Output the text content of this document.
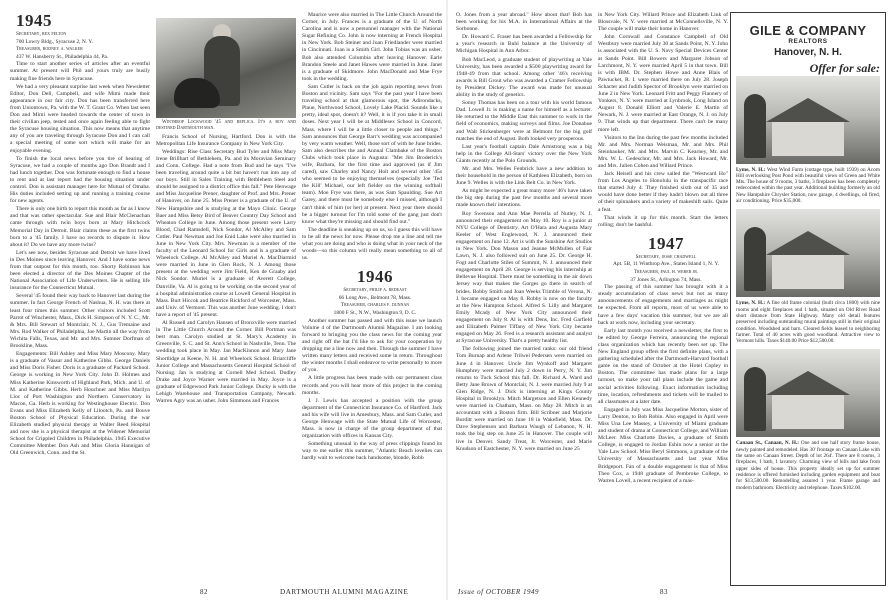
1945

Secretary, rex felton

700 Lowry Bldg., Syracuse 2, N. Y.

Treasurer, rodney a. walker

437 W. Hansberry St., Philadelphia 44, Pa.

Time to start another series of articles after an eventful summer. At present will Phil and yours truly are busily making fine friends here in Syracuse.

We had a very pleasant surprise last week when Newsletter Editor, Don Dell, Campbell, and wife Mimi made their appearance in our fair city. Don has been transferred here from Uniontown, Pa. with the W. T. Grant Co. When last seen Don and Mimi were headed towards the center of town in their civilian jeep, tested and once again feeling able to fight the Syracuse housing situation. This now means that anytime any of you are traveling through Syracuse Don and I can call a special meeting of some sort which will make for an enjoyable evening.

To finish the local news before you tire of hearing of Syracuse, we had a couple of months ago Don Brandt and I had lunch together. Don was fortunate enough to find a house to rent and at last report had the housing situation under control. Don is assistant manager here for Mutual of Omaha. His duties included setting up and running a training course for new agents.

There is only one birth to report this month as far as I know and that was rather spectacular. Sue and Blair McClenachan came through with twin boys born at Mary Hitchcock Memorial Day in Detroit. Blair claims these as the first twins born to a '45 family. I have no records to dispute it. How about it? Do we have any more twins?

Let's see now, besides Syracuse and Detroit we have lived in Des Moines since leaving Hanover. And I have some news from that outpost for this month, too. Shorty Robinson has been elected a director of the Des Moines Chapter of the National Association of Life Underwriters. He is selling life insurance for the Connecticut Mutual.

Several '45 found their way back to Hanover last during the summer. In fact George French of Nashua, N. H. was there at least four times this summer. Other visitors included Scott Parrot of Winchester, Mass., Dick H. Simpson of N. Y. C., Mr. & Mrs. Bill Stewart of Montclair, N. J., Gus Tremaine and Mrs. Rod Walker of Philadelphia, Joe Martin all the way from Wichita Falls, Texas, and Mr. and Mrs. Sumner Dorfman of Brookline, Mass.

Engagements: Bill Ashley and Miss Mary Moscony. Mary is a graduate of Vassar and Katherine Gibbs. George Daniels and Miss Doris Fisher. Doris is a graduate of Packard School. George is working in New York City. John D. Holmes and Miss Katherine Kinsworth of Highland Park, Mich. and U. of M. and Katherine Gibbs. Herb Houchner and Miss Marilyn Lloc of Port Washington and Northern Conservatory in Macon, Ga. Herb is working for Westinghouse Electric. Don Evans and Miss Elizabeth Kelly of Lilootch, Pa. and Bouve Boston School of Physical Education. During the war Elizabeth studied physical therapy at Walter Reed Hospital and now she is a physical therapist at the Widener Memorial School for Crippled Children in Philadelphia. 1945 Executive Committee Member Don Ash and Miss Gloria Hannigan of Old Greenwich, Conn. and the St.

Winthrop Lockwood '45 and replica. It's a boy and destined Dartmouth man.

Francis School of Nursing, Hartford. Don is with the Metropolitan Life Insurance Company in New York City.

Weddings: Rise Class Secretary Bud Tyler and Miss Mary Irene Brillhart of Bethlehem, Pa. and its Moravian Seminary and Conn. College. Had a note from Bud and he says "I've been traveling around quite a bit but haven't run into any of our boys. Still in Sales Training with Bethlehem Steel and should be assigned to a district office this fall." Pete Henwage and Miss Jacqueline Prener, daughter of Prof. and Mrs. Prener of Hanover, on June 25. Miss Prener is a graduate of the U. of New Hampshire and is studying at the Mayo Clinic. George Baer and Miss Betsy Bird of Beaver Country Day School and Wheaton College in June. Among those present were Larry Blood, Chad Ramsdell, Nick Sondor, Al McAlley and Sam Cutler. Paul Newman and Joe Enid Lake were also married in June in New York City. Mrs. Newman is a member of the faculty of the Leonard School for Girls and is a graduate of Wheelock College. Al McAlley and Muriel A. MacDiarmid were married in June in Glen Rock, N. J. Among those present at the wedding were Jim Field, Ken de Graaby and Nick Sondor. Muriel is a graduate of Averett College, Danville, Va. Al is going to be working on the second year of a hospital administration course at Lowell General Hospital in Mass. Burt Hiccok and Beatrice Rickford of Worcester, Mass. and Univ. of Vermont. This was another June wedding. I don't have a report of '45 present.

Al Russell and Carolyn Hansen of Bronxville were married in The Little Church Around the Corner. Bill Portman was best man. Carolyn studied at St. Mary's Academy in Greenville, S. C. and St. Ann's School in Nashville, Tenn. The wedding took place in May. Jan MacKinnon and Mary Jane Shortlidge at Keene, N. H. and Wheelock School. Briarcliffe Junior College and Massachusetts General Hospital School of Nursing. Jan is studying at Cornell Med School. Dudley Drake and Joyce Warner were married in May. Joyce is a graduate of Edgewood Park Junior College. Ducky is with the Lehigh Warehouse and Transportation Company, Newark. Warren Agry was an usher. John Simmons and Frances

Maurice were also married in The Little Church Around the Corner, in July. Frances is a graduate of the U. of North Carolina and is now a personnel manager with the National Sugar Refining Co. John is now interning at French Hospital in New York. Bob Steiner and Joan Friedlander were married in Cincinnati. Joan is a Smith Girl. John Tobias was an usher. Bob also attended Columbia after leaving Hanover. Earle Brandon Steele and Janet Hawes were married in June. Janet is a graduate of Skidmore. John MacDonald and Mae Frye took in the wedding.

Sam Cutler is back on the job again reporting news from Boston and vicinity. Sam says "For the past year I have been traveling school at that glamorous spot, the Adirondacks, Plaue, Northwood School, Lovely Lake Placid. Sounds like a pretty, ideal spot, doesn't it? Well, it is if you take it in small doses. Next year I will be at Middlesex School in Concord, Mass. where I will be a little closer to people and things." Sam announces that George Barr's wedding was accompanied by very warm weather. Well, those sort of with be June brides. Sam also describes the and Annual Clambake of the Boston Clubs which took place in Augusta: "Met Jim Broderick's wife, Barbara, for the first time and approved (as if Jim cared), saw Charley and Nancy Holt and several other '45s who seemed to be enjoying themselves (especially Joe 'Ted the Kill' Michael, our left fielder on the winning softball team). Moe Frye was there, as was Sam Spaulding. Sue Art Garey, and there must be somebody else I missed, although I can't think of him (or her) at present. Next year there should be a bigger turnout for I'm told some of the gang just don't know what they're missing and should find out."

The deadline is sneaking up on us, so I guess this will have to be all the news for now. Please drop me a line and tell me what you are doing and who is doing what in your neck of the woods—so this column will really mean something to all of us.

1946

Secretary, philip a. redeast

66 Long Ave., Belmont 78, Mass.

Treasurer, charles f. dunnan

1800 F St., N.W., Washington 9, D. C.

Another summer has passed and with this issue we launch Volume 4 of the Dartmouth Alumni Magazine. I am looking forward to bringing you the class news for the coming year and right off the bat I'd like to ask for your cooperation by dropping me a line now and then. Through the summer I have written many letters and received some in return. Throughout the winter months I shall endeavor to write personally to more of you.

A little progress has been made with our permanent class records and you will hear more of this project in the coming months.

J. J. Lewis has accepted a position with the group department of the Connecticut Insurance Co. of Hartford. Jack and his wife will live in Amesbury, Mass. and Sam Cutler, and George Henwage with the State Mutual Life of Worcester, Mass. is now in charge of the group department of that organization with offices in Kansas City.

Something unusual in the way of press clippings found its way to me earlier this summer, "Atlantic Beach lovelies can hardly wait to welcome back handsome, blonde, Robb

82	DARTMOUTH ALUMNI MAGAZINE

O. Jones from a year abroad." How about that! Bob has been working for his M.A. in International Affairs at the Sorbonne.

Dr. Howard C. Fraser has been awarded a Fellowship for a year's research in Buhl balance at the University of Michigan Hospital in Ann Arbor.

Bob MacLeod, a graduate student of playwriting at Yale University, has been awarded a $500 playwriting award for 1948-49 from that school. Among other '46's receiving awards is Bill Grout who was awarded a Cramer Fellowship by President Dickey. The award was made for unusual ability in the study of genetics.

Sonny Thomas has been on a tour with his world famous Dad. Lowell Jr. is making a name for himself as a lecturer. He returned to the Middle East this summer to work in the field of economics, making surveys and films. Joe Donahue and Walt Stickenberger were at Belmont for the big golf matches the end of August. Both looked very prosperous.

Last year's football captain Dale Armstrong was a big help in the College All-Stars' victory over the New York Giants recently at the Polo Grounds.

Mr. and Mrs. Welles Fenbrick have a new addition to their household in the person of Kathleen Elizabeth, born on June 9. Welles is with the Link Belt Co. in New York.

As might be expected a great many more '46's have taken the big step during the past few months and several more made known their intentions.

Roy Swenson and Ann Mae Perrella of Nutley, N. J. announced their engagement on May 10. Roy is a junior at NYU College of Dentistry. Art O'Hara and Augusta Mary Keeler of West Englewood, N. J. announced their engagement on June 12. Art is with the Sunshine Art Studios in New York. Don Mason and Jeanne McMullen of Fair Lawn, N. J. also followed suit on June 25. Dr. George H. Fogt and Charlotte Stiles of Summit, N. J. announced their engagement on April 28. George is serving his internship at Bellevue Hospital. There must be something in the air down Jersey way that makes the Gorges go there in search of brides. Bobby Smith and Joan Weeks Trimble of Verona, N. J. became engaged on May 8. Robby is now on the faculty at the New Hampton School. Alfred S. Lilly and Margaret Emily Mcady of New York City announced their engagement on July 8. Al is with Dens, Inc. Fred Garfield and Elizabeth Palmer Tiffany of New York City became engaged on May 26. Fred is a research assistant and analyst at Syracuse University. That's a pretty healthy list.

The following joined the married ranks: our old friend Tom Burnap and Arlene Trilwel Pedersen were married on June 4 in Hanover. Uncle Jim Wynkoff and Margaret Humphrey were married July 2 down in Perry, N. Y. Jim returns to Tuck School this fall. Dr. Richard A. Ward and Betty Jane Brown of Montclair, N. J. were married July 9 at Glen Ridge, N. J. Dick is interning at Kings County Hospital in Brooklyn. Mitch Margetson and Ellen Kennedy were married in Chatham, Mass. on May 28. Mitch is an accountant with a Boston firm. Bill Scribner and Marjorie Burditt were married on June 18 in Wakefield, Mass. Dr. Dave Stephenson and Barbara Waugh of Lebanon, N. H. took the big step on June 25 in Hanover. The couple will live in Denver. Sandy Treat, Jr. Worcester, and Marie Knudson of Eastchester, N. Y. were married on June 25

in New York City. Willard Prince and Elizabeth Link of Blossvale, N. Y. were married at McConnellsville, N. Y. The couple will make their home in Hanover.

John Cornwall and Constance Campbell of Old Westbury were married July 30 at Sands Point, N. Y. John is associated with the U. S. Navy Special Devices Center at Sands Point. Bill Bowers and Margaret Jobson of Larchmont, N. Y. were married April 5 in that town. Bill is with IBM. Dr. Stephen Howe and Anne Blais of Pawtucket, R. I. were married there on July 28. Joseph Schacter and Judith Spector of Brooklyn were married on June 2 in New York. Leonard Fritt and Peggy Flannery of Yonkers, N. Y. were married at Lynbrook, Long Island on August 8. Donald Elliott and Valerie E. Martin of Newark, N. J. were married at East Orange, N. J. on July 9. That winds up that department. There can't be many more left.

Visitors to the Inn during the past few months included Mr. and Mrs. Norman Weisman, Mr. and Mrs. Phil Steinhauker, Mr. and Mrs. Marvin C. Kearney, Mr. and Mrs. W. L. Gedeschnr, Mr. and Mrs. Jack Howard, Mr. and Mrs. Julien Cohen and Willard Prince.

Jack Heisell and his crew sailed the "Westward Ho" from Los Angeles to Honolulu in the transpacific race that started July 4. They finished sixth out of 35 and would have done better if they hadn't blown out all three of their spinnakers and a variety of makeshift sails. Quite a feat.

That winds it up for this month. Start the letters rolling; don't be bashful.

1947

Secretary, jesse chadwell

Apt. 5B, 11 Winthrop Ave., Staten Island 1, N. Y.

Treasurer, paul h. weber jr.

37 Jones St., Arlington 74, Mass.

The passing of this summer has brought with it a steady accumulation of class news but not as many announcements of engagements and marriages as might be expected. From all reports, most of us were able to have a few days' vacation this summer, but we are all back at work now, including your secretary.

Early last month you received a newsletter, the first to be edited by George Ferreira, announcing the regional class organization which has recently been set up. The New England group offers the first definite plans, with a gathering scheduled after the Dartmouth-Harvard football game on the stand of October at the Hotel Copley in Boston. The committee has made plans for a large turnout, so make your tall plans include the game and social activities following. Exact information including time, location, refreshments and tickets will be mailed to all classmates at a later date.

Engaged in July was Miss Jacqueline Morton, sister of Larry Denton, to Bob Robin. Also engaged in April were Miss Una Lee Massey, a University of Miami graduate and student of drama at Connecticut College, and William McLeer. Miss Charlotte Davies, a graduate of Smith College, is engaged to Jordan Eshin now a senior at the Yale Law School. Miss Beryl Simmons, a graduate of the University of Massachusetts and last year Miss Bridgeport. Fan of a double engagement is that of Miss Theo Cox, a 1948 graduate of Pembroke College, to Warren Lovell, a recent recipient of a mas-

Issue of OCTOBER 1949	83
GILE & COMPANY
REALTORS
Hanover, N. H.
Offer for sale:
Lyme, N. H.: West Wind Farm (cottage type, built 1939) on Acorn Hill overlooking Post Pond with beautiful views of Green and White Mts. The house of 9 rooms, 3 baths, 3 fireplaces has been completely redecorated within the past year. Additional building formerly an old New Hampshire Chrysler Station, now garage, 4 dwellings, oil fired, air conditioning. Price $35,000.
Lyme, N. H.: A fine old frame colonial (built circa 1800) with nine rooms and eight fireplaces and 1 bath, situated on Old River Road short distance from State Highway. Many old detail features preserved including outstanding mural paintings still in their original condition. Woodshed and barn. Cleared fields leased to neighboring farmer. Total of 40 acres with good woodland. Attractive view to Vermont hills. Taxes $140.00 Price $12,500.00.
Canaan St., Canaan, N. H.: One and one half story frame house, newly painted and remodeled. Has 30' frontage on Canaan Lake with the same on Canaan Street. Depth of lot 264'. There are 8 rooms, 3 fireplaces, 1 bath, 1 lavatory. Charming view of hills and lake from upper sides of house. This property ideally set up for summer residence is offered furnished including garden equipment and boat for $13,500.00. Remodelling assured 1 year. Frame garage and modern bathroom. Electricity and telephone. Taxes $102.00.
